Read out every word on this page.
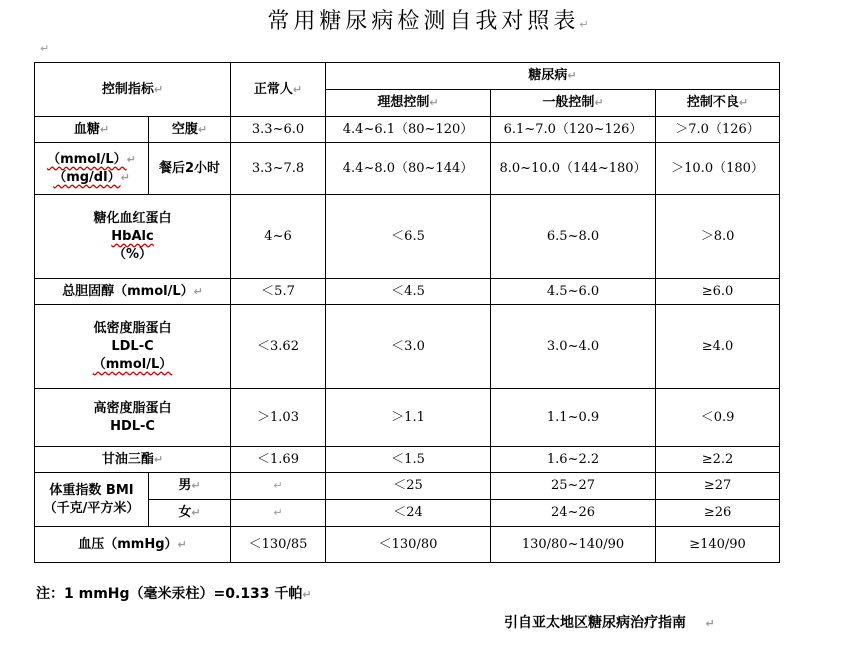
常用糖尿病检测自我对照表↵
↵
控制指标↵		正常人↵	糖尿病↵		
			理想控制↵	一般控制↵	控制不良↵
血糖↵	空腹↵	3.3~6.0	4.4~6.1（80~120）	6.1~7.0（120~126）	＞7.0（126）

（mmol/L）↵
（mg/dl）↵	餐后2小时	3.3~7.8	4.4~8.0（80~144）	8.0~10.0（144~180）	＞10.0（180）

糖化血红蛋白
HbAlc
（%）		4~6	＜6.5	6.5~8.0	＞8.0
总胆固醇（mmol/L）↵		＜5.7	＜4.5	4.5~6.0	≥6.0

低密度脂蛋白
LDL-C
（mmol/L）		＜3.62	＜3.0	3.0~4.0	≥4.0

高密度脂蛋白
HDL-C		＞1.03	＞1.1	1.1~0.9	＜0.9
甘油三酯↵		＜1.69	＜1.5	1.6~2.2	≥2.2

体重指数 BMI
（千克/平方米）	男↵	↵	＜25	25~27	≥27
	女↵	↵	＜24	24~26	≥26
血压（mmHg）↵		＜130/85	＜130/80	130/80~140/90	≥140/90
注：1 mmHg（毫米汞柱）=0.133 千帕↵
引自亚太地区糖尿病治疗指南 ↵
